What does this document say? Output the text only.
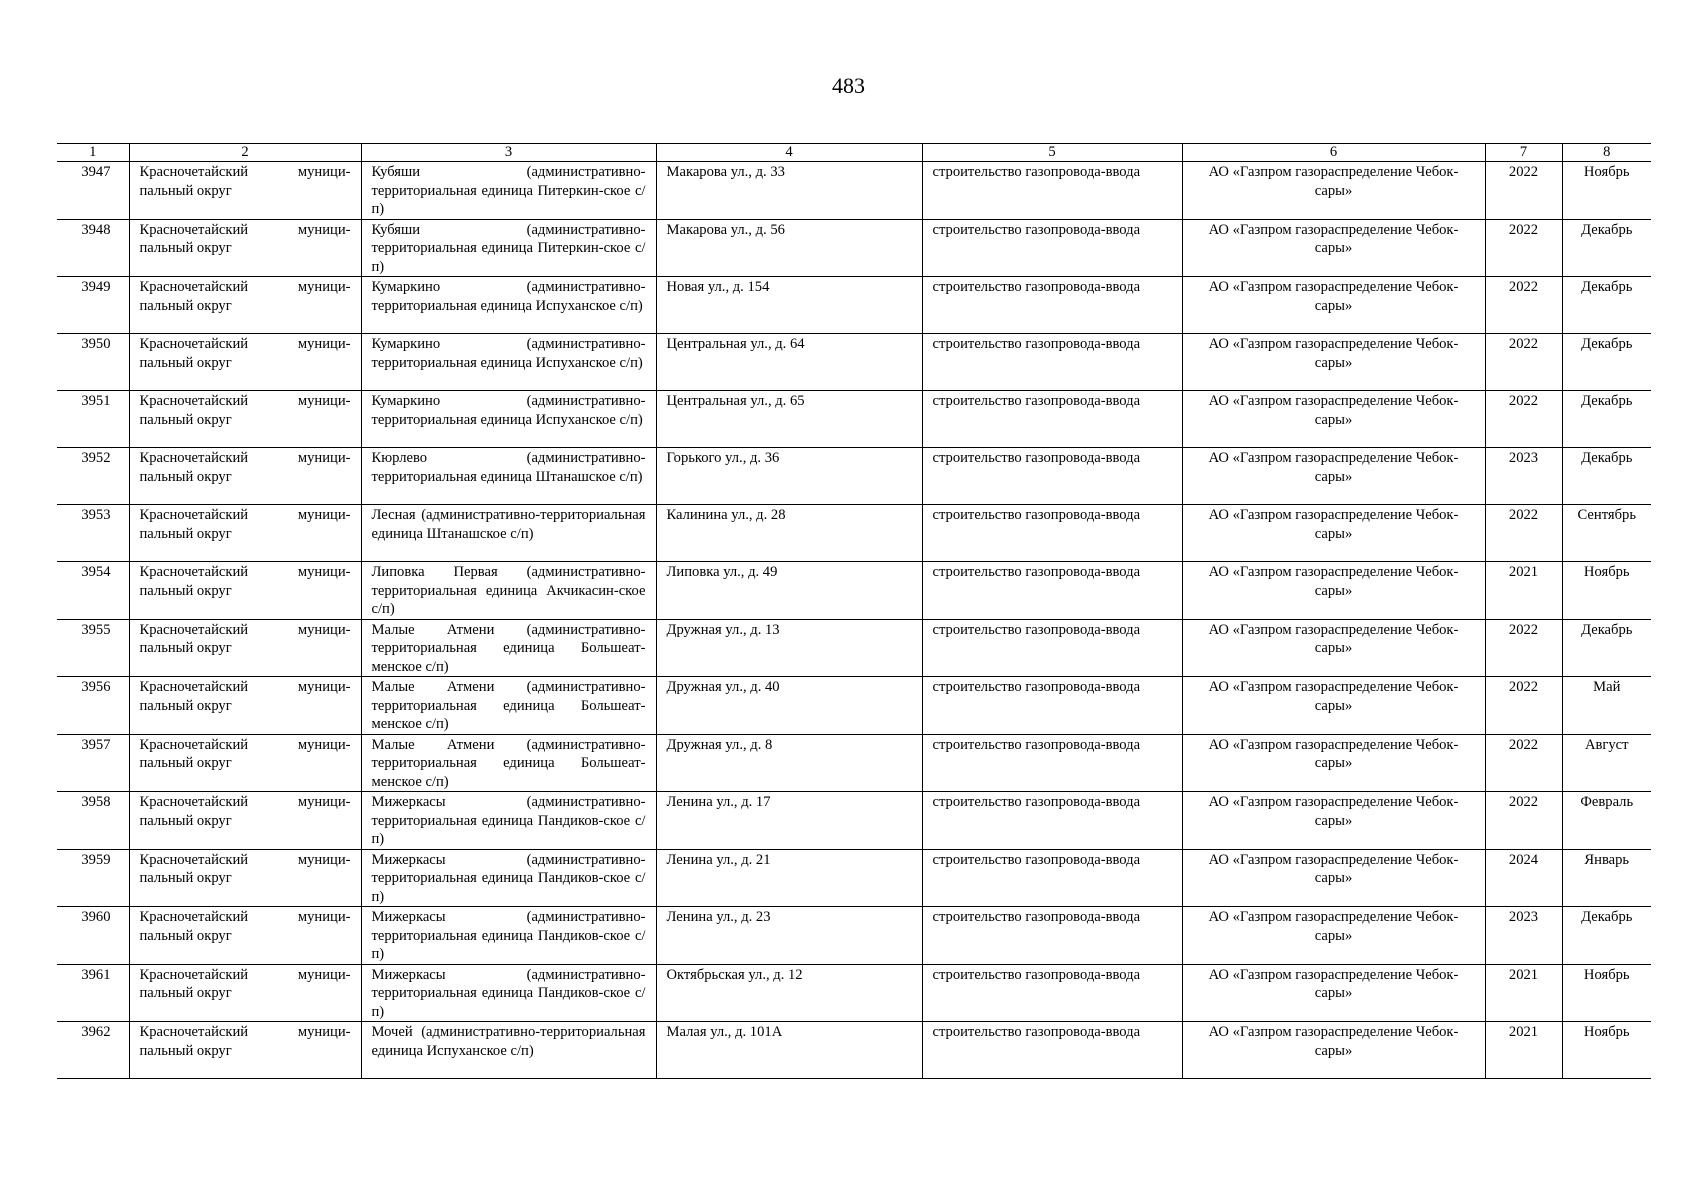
483
1	2	3	4	5	6	7	8
3947	Красночетайский муници-пальный округ	Кубяши (административно-территориальная единица Питеркин-ское с/п)	Макарова ул., д. 33	строительство газопровода-ввода	АО «Газпром газораспределение Чебок-сары»	2022	Ноябрь
3948	Красночетайский муници-пальный округ	Кубяши (административно-территориальная единица Питеркин-ское с/п)	Макарова ул., д. 56	строительство газопровода-ввода	АО «Газпром газораспределение Чебок-сары»	2022	Декабрь
3949	Красночетайский муници-пальный округ	Кумаркино (административно-территориальная единица Испуханское с/п)	Новая ул., д. 154	строительство газопровода-ввода	АО «Газпром газораспределение Чебок-сары»	2022	Декабрь
3950	Красночетайский муници-пальный округ	Кумаркино (административно-территориальная единица Испуханское с/п)	Центральная ул., д. 64	строительство газопровода-ввода	АО «Газпром газораспределение Чебок-сары»	2022	Декабрь
3951	Красночетайский муници-пальный округ	Кумаркино (административно-территориальная единица Испуханское с/п)	Центральная ул., д. 65	строительство газопровода-ввода	АО «Газпром газораспределение Чебок-сары»	2022	Декабрь
3952	Красночетайский муници-пальный округ	Кюрлево (административно-территориальная единица Штанашское с/п)	Горького ул., д. 36	строительство газопровода-ввода	АО «Газпром газораспределение Чебок-сары»	2023	Декабрь
3953	Красночетайский муници-пальный округ	Лесная (административно-территориальная единица Штанашское с/п)	Калинина ул., д. 28	строительство газопровода-ввода	АО «Газпром газораспределение Чебок-сары»	2022	Сентябрь
3954	Красночетайский муници-пальный округ	Липовка Первая (административно-территориальная единица Акчикасин-ское с/п)	Липовка ул., д. 49	строительство газопровода-ввода	АО «Газпром газораспределение Чебок-сары»	2021	Ноябрь
3955	Красночетайский муници-пальный округ	Малые Атмени (административно-территориальная единица Большеат-менское с/п)	Дружная ул., д. 13	строительство газопровода-ввода	АО «Газпром газораспределение Чебок-сары»	2022	Декабрь
3956	Красночетайский муници-пальный округ	Малые Атмени (административно-территориальная единица Большеат-менское с/п)	Дружная ул., д. 40	строительство газопровода-ввода	АО «Газпром газораспределение Чебок-сары»	2022	Май
3957	Красночетайский муници-пальный округ	Малые Атмени (административно-территориальная единица Большеат-менское с/п)	Дружная ул., д. 8	строительство газопровода-ввода	АО «Газпром газораспределение Чебок-сары»	2022	Август
3958	Красночетайский муници-пальный округ	Мижеркасы (административно-территориальная единица Пандиков-ское с/п)	Ленина ул., д. 17	строительство газопровода-ввода	АО «Газпром газораспределение Чебок-сары»	2022	Февраль
3959	Красночетайский муници-пальный округ	Мижеркасы (административно-территориальная единица Пандиков-ское с/п)	Ленина ул., д. 21	строительство газопровода-ввода	АО «Газпром газораспределение Чебок-сары»	2024	Январь
3960	Красночетайский муници-пальный округ	Мижеркасы (административно-территориальная единица Пандиков-ское с/п)	Ленина ул., д. 23	строительство газопровода-ввода	АО «Газпром газораспределение Чебок-сары»	2023	Декабрь
3961	Красночетайский муници-пальный округ	Мижеркасы (административно-территориальная единица Пандиков-ское с/п)	Октябрьская ул., д. 12	строительство газопровода-ввода	АО «Газпром газораспределение Чебок-сары»	2021	Ноябрь
3962	Красночетайский муници-пальный округ	Мочей (административно-территориальная единица Испуханское с/п)	Малая ул., д. 101А	строительство газопровода-ввода	АО «Газпром газораспределение Чебок-сары»	2021	Ноябрь
